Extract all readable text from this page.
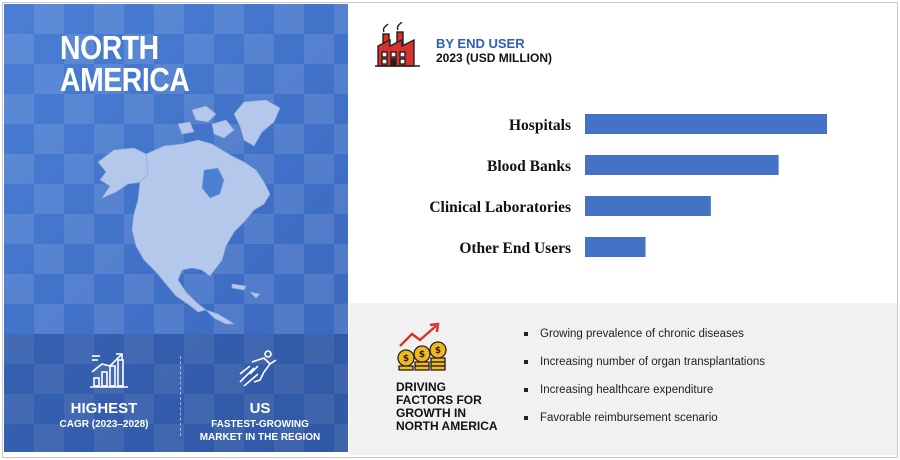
NORTH
AMERICA
HIGHEST
CAGR (2023–2028)
US
FASTEST-GROWING
MARKET IN THE REGION
BY END USER
2023 (USD MILLION)
Hospitals
Blood Banks
Clinical Laboratories
Other End Users
$ $ $
DRIVING
FACTORS FOR
GROWTH IN
NORTH AMERICA
Growing prevalence of chronic diseases
Increasing number of organ transplantations
Increasing healthcare expenditure
Favorable reimbursement scenario
